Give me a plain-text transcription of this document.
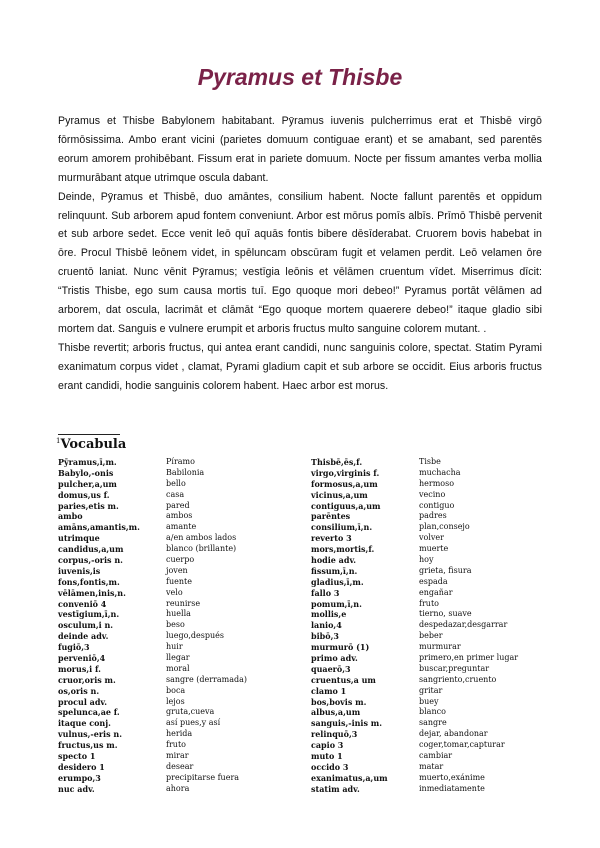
Pyramus et Thisbe

Pyramus et Thisbe Babylonem habitabant. Pȳramus iuvenis pulcherrimus erat et Thisbē virgō fōrmōsissima. Ambo erant vicini (parietes domuum contiguae erant) et se amabant, sed parentēs eorum amorem prohibēbant. Fissum erat in pariete domuum. Nocte per fissum amantes verba mollia murmurābant atque utrimque oscula dabant.

Deinde, Pȳramus et Thisbē, duo amāntes, consilium habent. Nocte fallunt parentēs et oppidum relinquunt. Sub arborem apud fontem conveniunt. Arbor est mōrus pomīs albīs. Prīmō Thisbē pervenit et sub arbore sedet. Ecce venit leō quī aquās fontis bibere dēsīderabat. Cruorem bovis habebat in ōre. Procul Thisbē leōnem videt, in spēluncam obscūram fugit et velamen perdit. Leō velamen ōre cruentō laniat. Nunc vēnit Pȳramus; vestīgia leōnis et vēlāmen cruentum vīdet. Miserrimus dīcit: “Tristis Thisbe, ego sum causa mortis tuī. Ego quoque mori debeo!” Pyramus portāt vēlāmen ad arborem, dat oscula, lacrimāt et clāmāt “Ego quoque mortem quaerere debeo!” itaque gladio sibi mortem dat. Sanguis e vulnere erumpit et arboris fructus multo sanguine colorem mutant. .

Thisbe revertit; arboris fructus, qui antea erant candidi, nunc sanguinis colore, spectat. Statim Pyrami exanimatum corpus videt , clamat, Pyrami gladium capit et sub arbore se occidit. Eius arboris fructus erant candidi, hodie sanguinis colorem habent. Haec arbor est morus.

$^1$Vocabula
Pȳramus,ī,m.
Babylo,-onis
pulcher,a,um
domus,us f.
paries,etis m.
ambo
amāns,amantis,m.
utrimque
candidus,a,um
corpus,-oris n.
iuvenis,is
fons,fontis,m.
vēlāmen,inis,n.
conveniō 4
vestīgium,ī,n.
osculum,i n.
deinde adv.
fugiō,3
perveniō,4
morus,i f.
cruor,oris m.
os,oris n.
procul adv.
spelunca,ae f.
itaque conj.
vulnus,-eris n.
fructus,us m.
specto 1
desidero 1
erumpo,3
nuc adv.
Píramo
Babilonia
bello
casa
pared
ambos
amante
a/en ambos lados
blanco (brillante)
cuerpo
joven
fuente
velo
reunirse
huella
beso
luego,después
huir
llegar
moral
sangre (derramada)
boca
lejos
gruta,cueva
así pues,y así
herida
fruto
mirar
desear
precipitarse fuera
ahora
Thisbē,ēs,f.
virgo,virginis f.
formosus,a,um
vicinus,a,um
contiguus,a,um
parēntes
consilium,ī,n.
reverto 3
mors,mortis,f.
hodie adv.
fissum,ī,n.
gladius,ī,m.
fallo 3
pomum,ī,n.
mollis,e
lanio,4
bibō,3
murmurō (1)
primo adv.
quaerō,3
cruentus,a um
clamo 1
bos,bovis m.
albus,a,um
sanguis,-inis m.
relinquō,3
capio 3
muto 1
occido 3
exanimatus,a,um
statim adv.
Tisbe
muchacha
hermoso
vecino
contiguo
padres
plan,consejo
volver
muerte
hoy
grieta, fisura
espada
engañar
fruto
tierno, suave
despedazar,desgarrar
beber
murmurar
primero,en primer lugar
buscar,preguntar
sangriento,cruento
gritar
buey
blanco
sangre
dejar, abandonar
coger,tomar,capturar
cambiar
matar
muerto,exánime
inmediatamente
